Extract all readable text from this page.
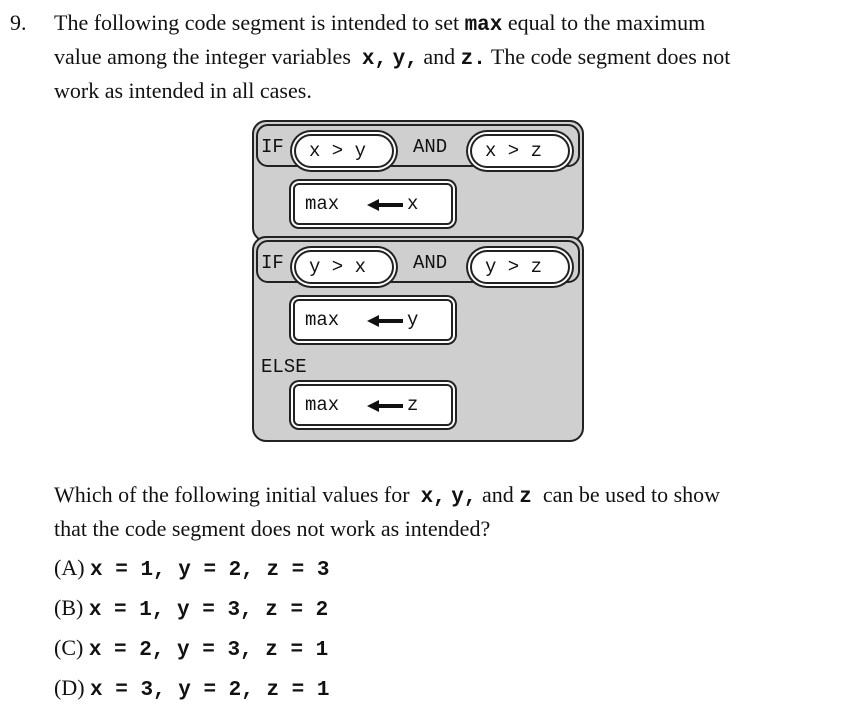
9. The following code segment is intended to set max equal to the maximum
value among the integer variables x, y, and z. The code segment does not
work as intended in all cases.
IF x > y AND x > z
max	x
IF y > x AND y > z
max	y
ELSE
max	z
Which of the following initial values for x, y, and z can be used to show
that the code segment does not work as intended?
(A) x = 1, y = 2, z = 3
(B) x = 1, y = 3, z = 2
(C) x = 2, y = 3, z = 1
(D) x = 3, y = 2, z = 1
